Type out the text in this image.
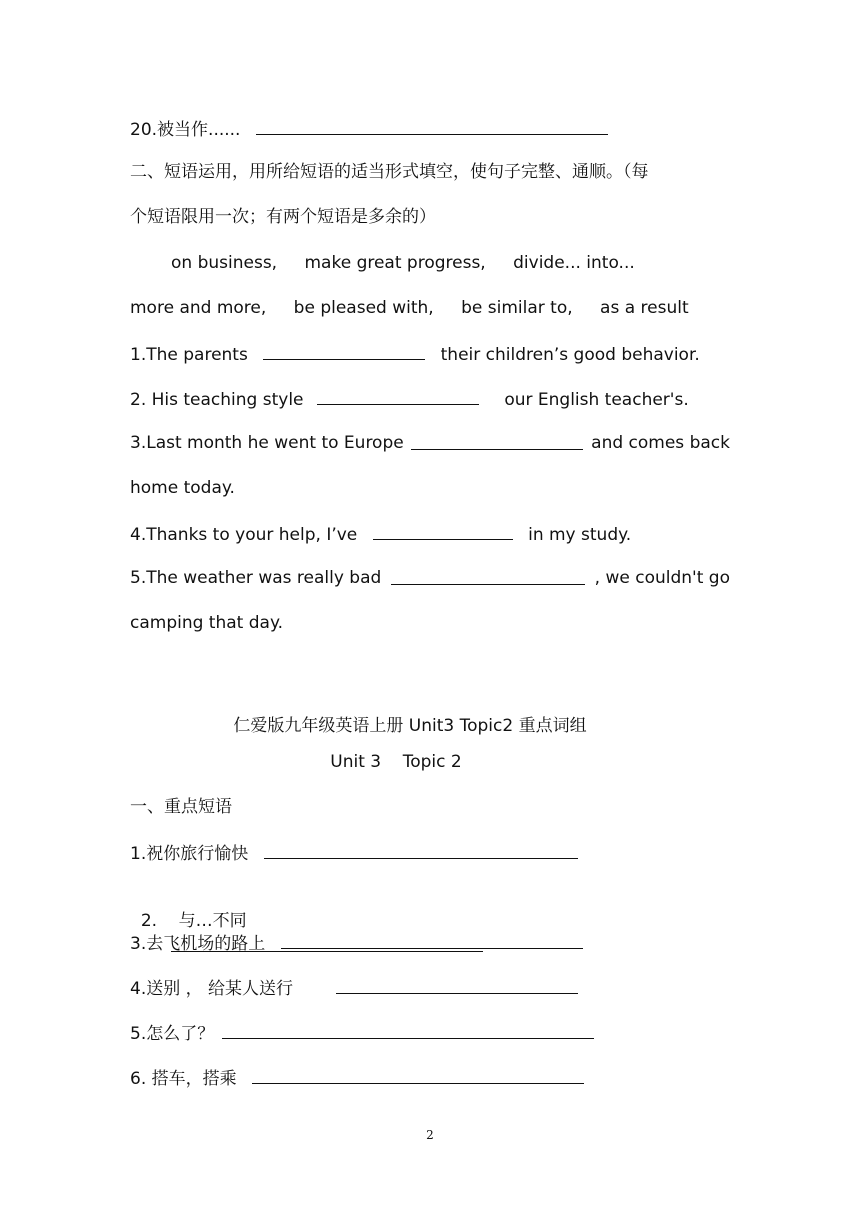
20.被当作......
二、短语运用，用所给短语的适当形式填空，使句子完整、通顺。（每
个短语限用一次；有两个短语是多余的）
on business, make great progress, divide... into...
more and more, be pleased with, be similar to, as a result
1.The parents	their children’s good behavior.
2. His teaching style	our English teacher's.
3.Last month he went to Europe	and comes back
home today.
4.Thanks to your help, I’ve	in my study.
5.The weather was really bad	, we couldn't go
camping that day.
仁爱版九年级英语上册 Unit3 Topic2 重点词组
Unit 3    Topic 2
一、重点短语
1.祝你旅行愉快

2.    与…不同

3.去飞机场的路上
4.送别 ， 给某人送行
5.怎么了？
6. 搭车，搭乘
2
